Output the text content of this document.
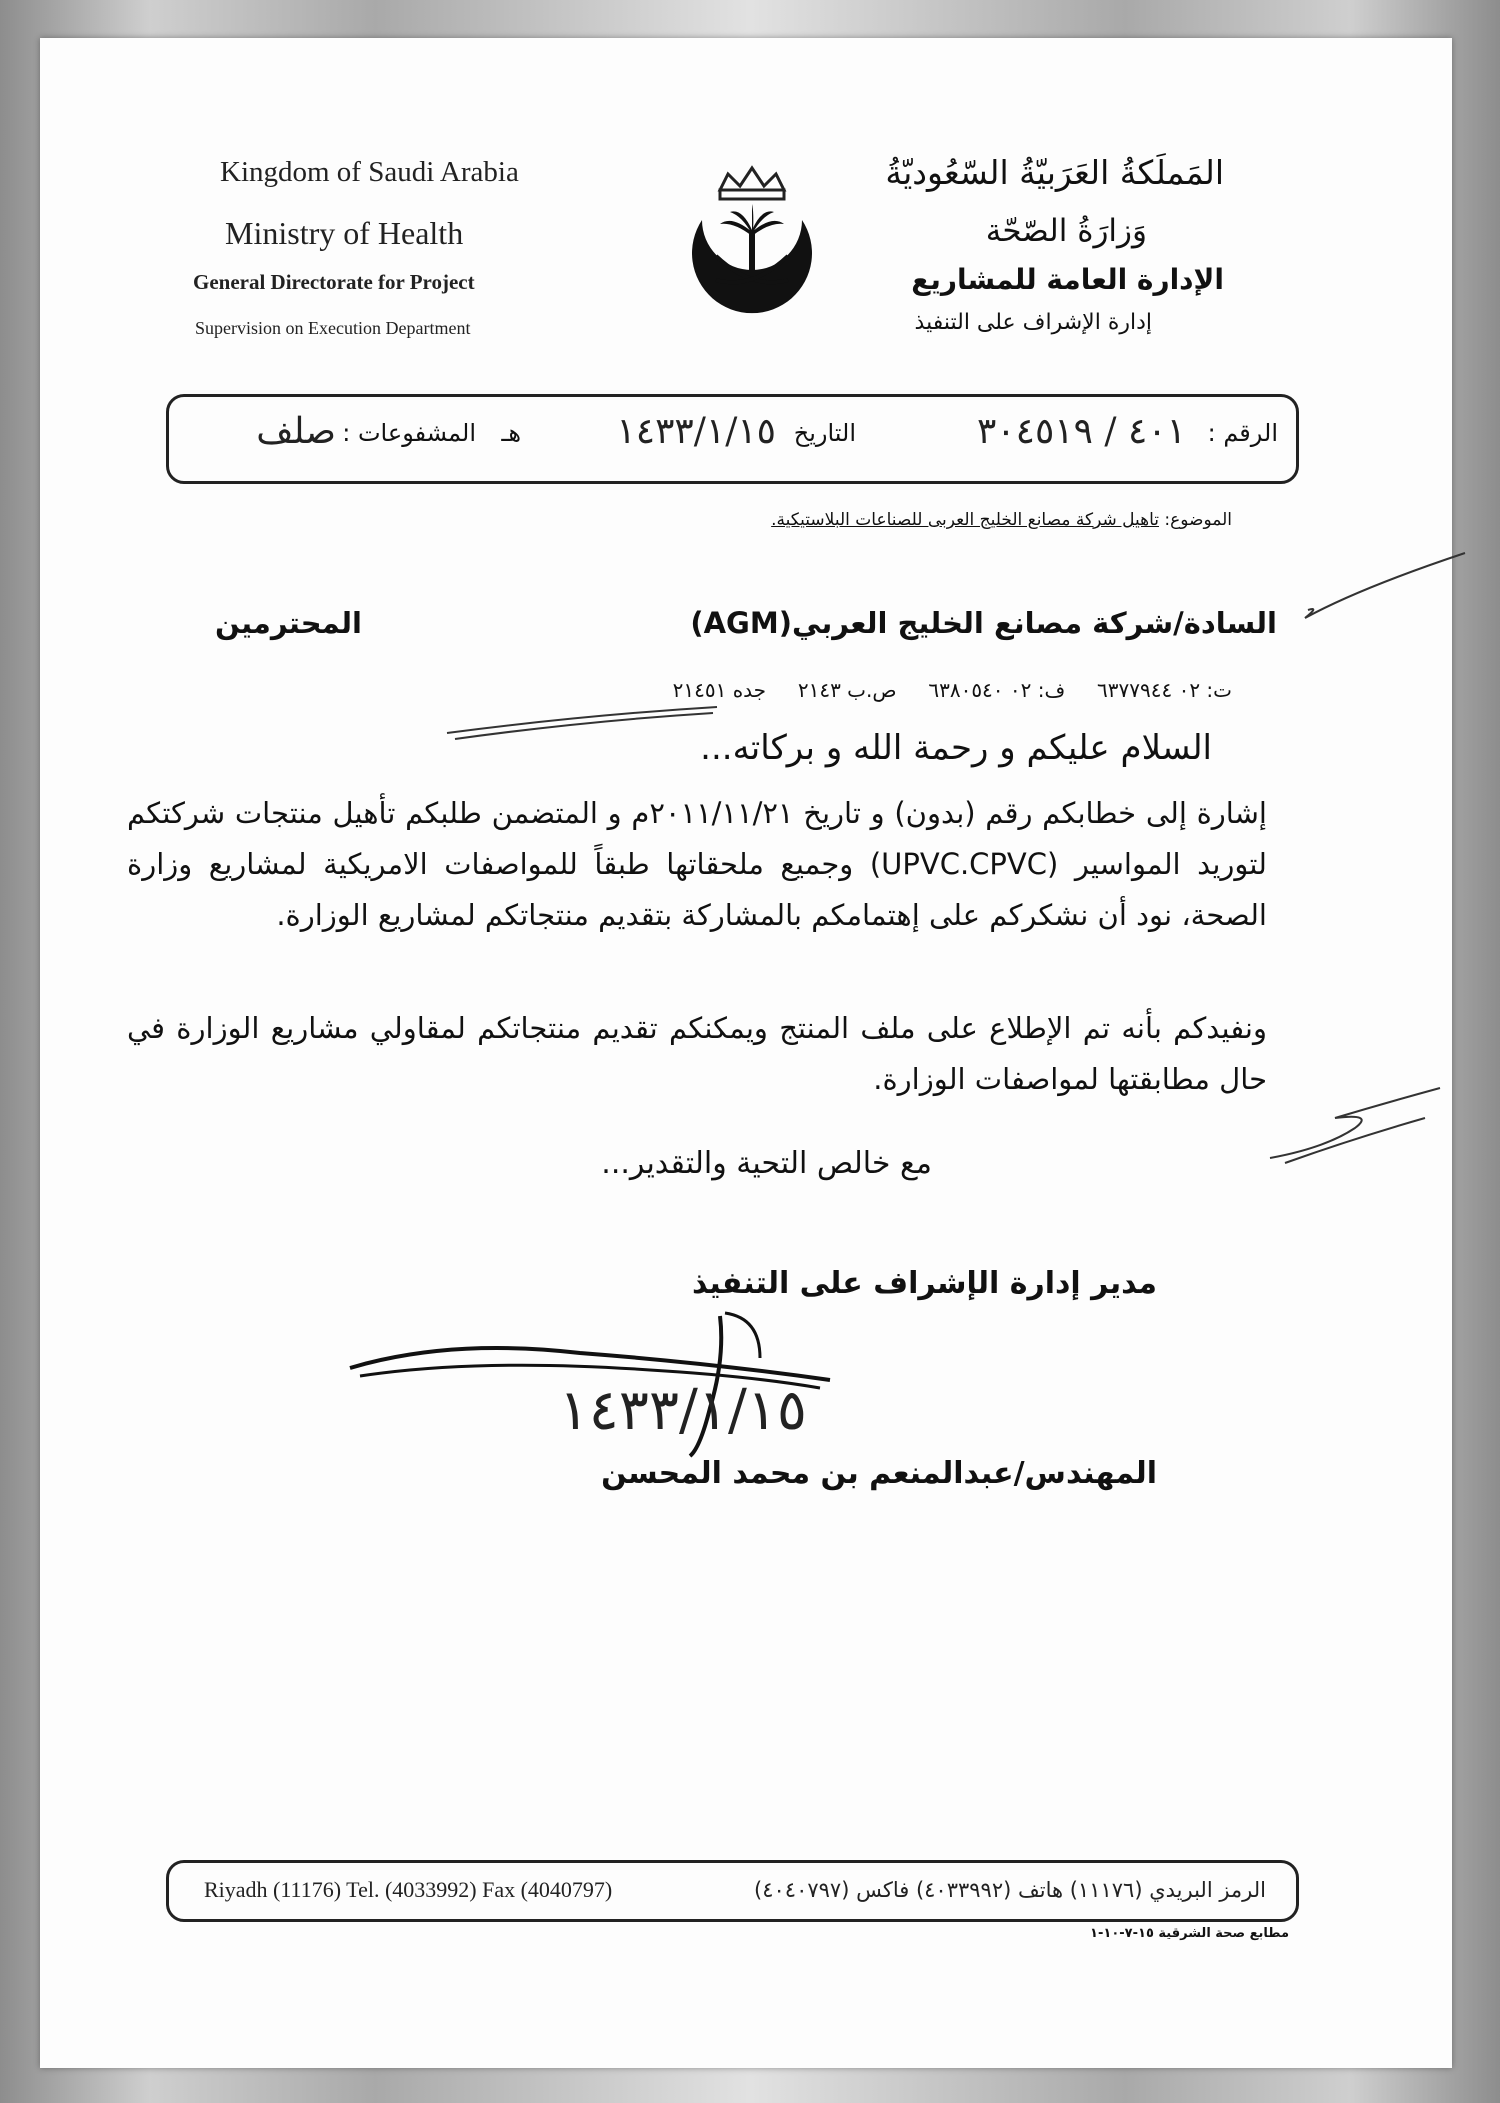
Kingdom of Saudi Arabia
Ministry of Health
General Directorate for Project
Supervision on Execution Department
المَملَكةُ العَرَبيّةُ السّعُوديّةُ
وَزارَةُ الصّحّة
الإدارة العامة للمشاريع
إدارة الإشراف على التنفيذ
الرقم :
٤٠١ / ٣٠٤٥١٩
التاريخ
١٤٣٣/١/١٥
هـ
المشفوعات :
صلف
الموضوع: تاهيل شركة مصانع الخليج العربى للصناعات البلاستيكية.
السادة/شركة مصانع الخليج العربي(AGM)
المحترمين
ت: ٠٢ ٦٣٧٧٩٤٤     ف: ٠٢ ٦٣٨٠٥٤٠     ص.ب ٢١٤٣     جده ٢١٤٥١
السلام عليكم و رحمة الله و بركاته...
إشارة إلى خطابكم رقم (بدون) و تاريخ ٢٠١١/١١/٢١م و المتضمن طلبكم تأهيل منتجات شركتكم لتوريد المواسير (UPVC.CPVC) وجميع ملحقاتها طبقاً للمواصفات الامريكية لمشاريع وزارة الصحة، نود أن نشكركم على إهتمامكم بالمشاركة بتقديم منتجاتكم لمشاريع الوزارة.
ونفيدكم بأنه تم الإطلاع على ملف المنتج ويمكنكم تقديم منتجاتكم لمقاولي مشاريع الوزارة في حال مطابقتها لمواصفات الوزارة.
مع خالص التحية والتقدير...
مدير إدارة الإشراف على التنفيذ
١٤٣٣/١/١٥
المهندس/عبدالمنعم بن محمد المحسن
Riyadh (11176) Tel. (4033992) Fax (4040797)	الرمز البريدي (١١١٧٦) هاتف (٤٠٣٣٩٩٢) فاكس (٤٠٤٠٧٩٧)
مطابع صحة الشرقية ١٥-٧-١٠-١
